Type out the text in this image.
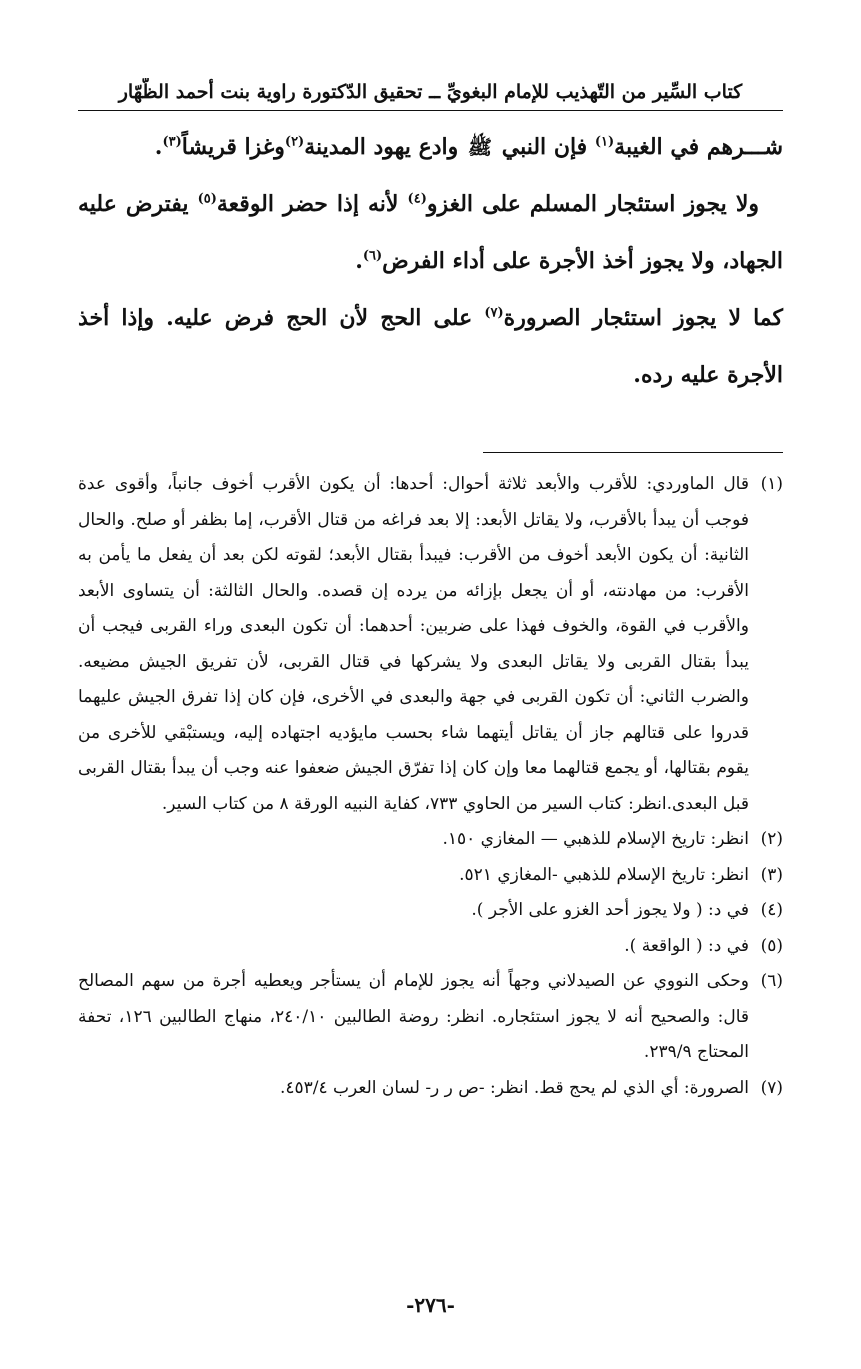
كتاب السِّير من التّهذيب للإمام البغويِّ ــ تحقيق الدّكتورة راوية بنت أحمد الظّهّار

شـــرهم في الغيبة$^{(١)}$ فإن النبي ﷺ وادع يهود المدينة$^{(٢)}$وغزا قريشاً$^{(٣)}$.

ولا يجوز استئجار المسلم على الغزو$^{(٤)}$ لأنه إذا حضر الوقعة$^{(٥)}$ يفترض عليه الجهاد، ولا يجوز أخذ الأجرة على أداء الفرض$^{(٦)}$.

كما لا يجوز استئجار الصرورة$^{(٧)}$ على الحج لأن الحج فرض عليه. وإذا أخذ الأجرة عليه رده.

(١)
قال الماوردي: للأقرب والأبعد ثلاثة أحوال: أحدها: أن يكون الأقرب أخوف جانباً، وأقوى عدة فوجب أن يبدأ بالأقرب، ولا يقاتل الأبعد: إلا بعد فراغه من قتال الأقرب، إما بظفر أو صلح. والحال الثانية: أن يكون الأبعد أخوف من الأقرب: فيبدأ بقتال الأبعد؛ لقوته لكن بعد أن يفعل ما يأمن به الأقرب: من مهادنته، أو أن يجعل بإزائه من يرده إن قصده. والحال الثالثة: أن يتساوى الأبعد والأقرب في القوة، والخوف فهذا على ضربين: أحدهما: أن تكون البعدى وراء القربى فيجب أن يبدأ بقتال القربى ولا يقاتل البعدى ولا يشركها في قتال القربى، لأن تفريق الجيش مضيعه. والضرب الثاني: أن تكون القربى في جهة والبعدى في الأخرى، فإن كان إذا تفرق الجيش عليهما قدروا على قتالهم جاز أن يقاتل أيتهما شاء بحسب مايؤديه اجتهاده إليه، ويستبْقي للأخرى من يقوم بقتالها، أو يجمع قتالهما معا وإن كان إذا تفرّق الجيش ضعفوا عنه وجب أن يبدأ بقتال القربى قبل البعدى.انظر: كتاب السير من الحاوي ٧٣٣، كفاية النبيه الورقة ٨ من كتاب السير.
(٢)
انظر: تاريخ الإسلام للذهبي — المغازي ١٥٠.
(٣)
انظر: تاريخ الإسلام للذهبي -المغازي ٥٢١.
(٤)
في د: ( ولا يجوز أحد الغزو على الأجر ).
(٥)
في د: ( الواقعة ).
(٦)
وحكى النووي عن الصيدلاني وجهاً أنه يجوز للإمام أن يستأجر ويعطيه أجرة من سهم المصالح قال: والصحيح أنه لا يجوز استئجاره. انظر: روضة الطالبين ٢٤٠/١٠، منهاج الطالبين ١٢٦، تحفة المحتاج ٢٣٩/٩.
(٧)
الصرورة: أي الذي لم يحج قط. انظر: -ص ر ر- لسان العرب ٤٥٣/٤.
-٢٧٦-
